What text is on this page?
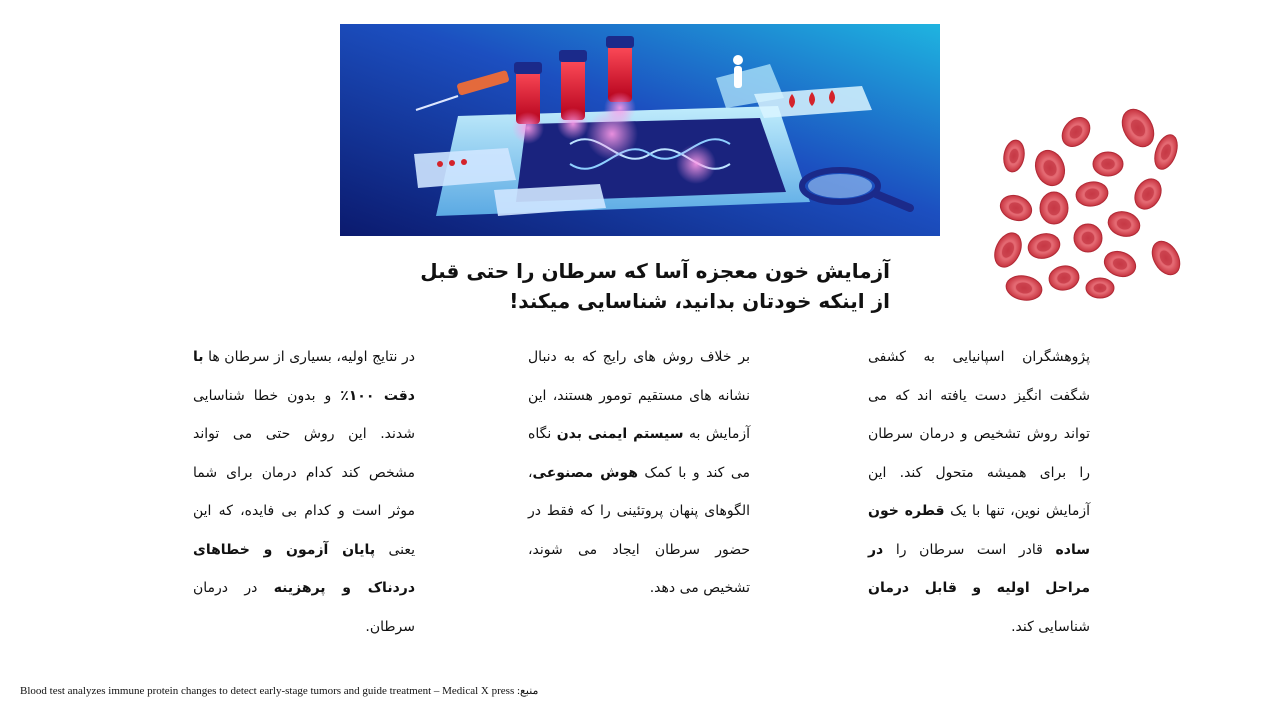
آزمایش خون معجزه آسا که سرطان را حتی قبل از اینکه خودتان بدانید، شناسایی میکند!

پژوهشگران اسپانیایی به کشفی شگفت انگیز دست یافته اند که می تواند روش تشخیص و درمان سرطان را برای همیشه متحول کند. این آزمایش نوین، تنها با یک قطره خون ساده قادر است سرطان را در مراحل اولیه و قابل درمان شناسایی کند.

بر خلاف روش های رایج که به دنبال نشانه های مستقیم تومور هستند، این آزمایش به سیستم ایمنی بدن نگاه می کند و با کمک هوش مصنوعی، الگوهای پنهان پروتئینی را که فقط در حضور سرطان ایجاد می شوند، تشخیص می دهد.

در نتایج اولیه، بسیاری از سرطان ها با دقت ۱۰۰٪ و بدون خطا شناسایی شدند. این روش حتی می تواند مشخص کند کدام درمان برای شما موثر است و کدام بی فایده، که این یعنی پایان آزمون و خطاهای دردناک و پرهزینه در درمان سرطان.

Blood test analyzes immune protein changes to detect early-stage tumors and guide treatment – Medical X press :منبع
